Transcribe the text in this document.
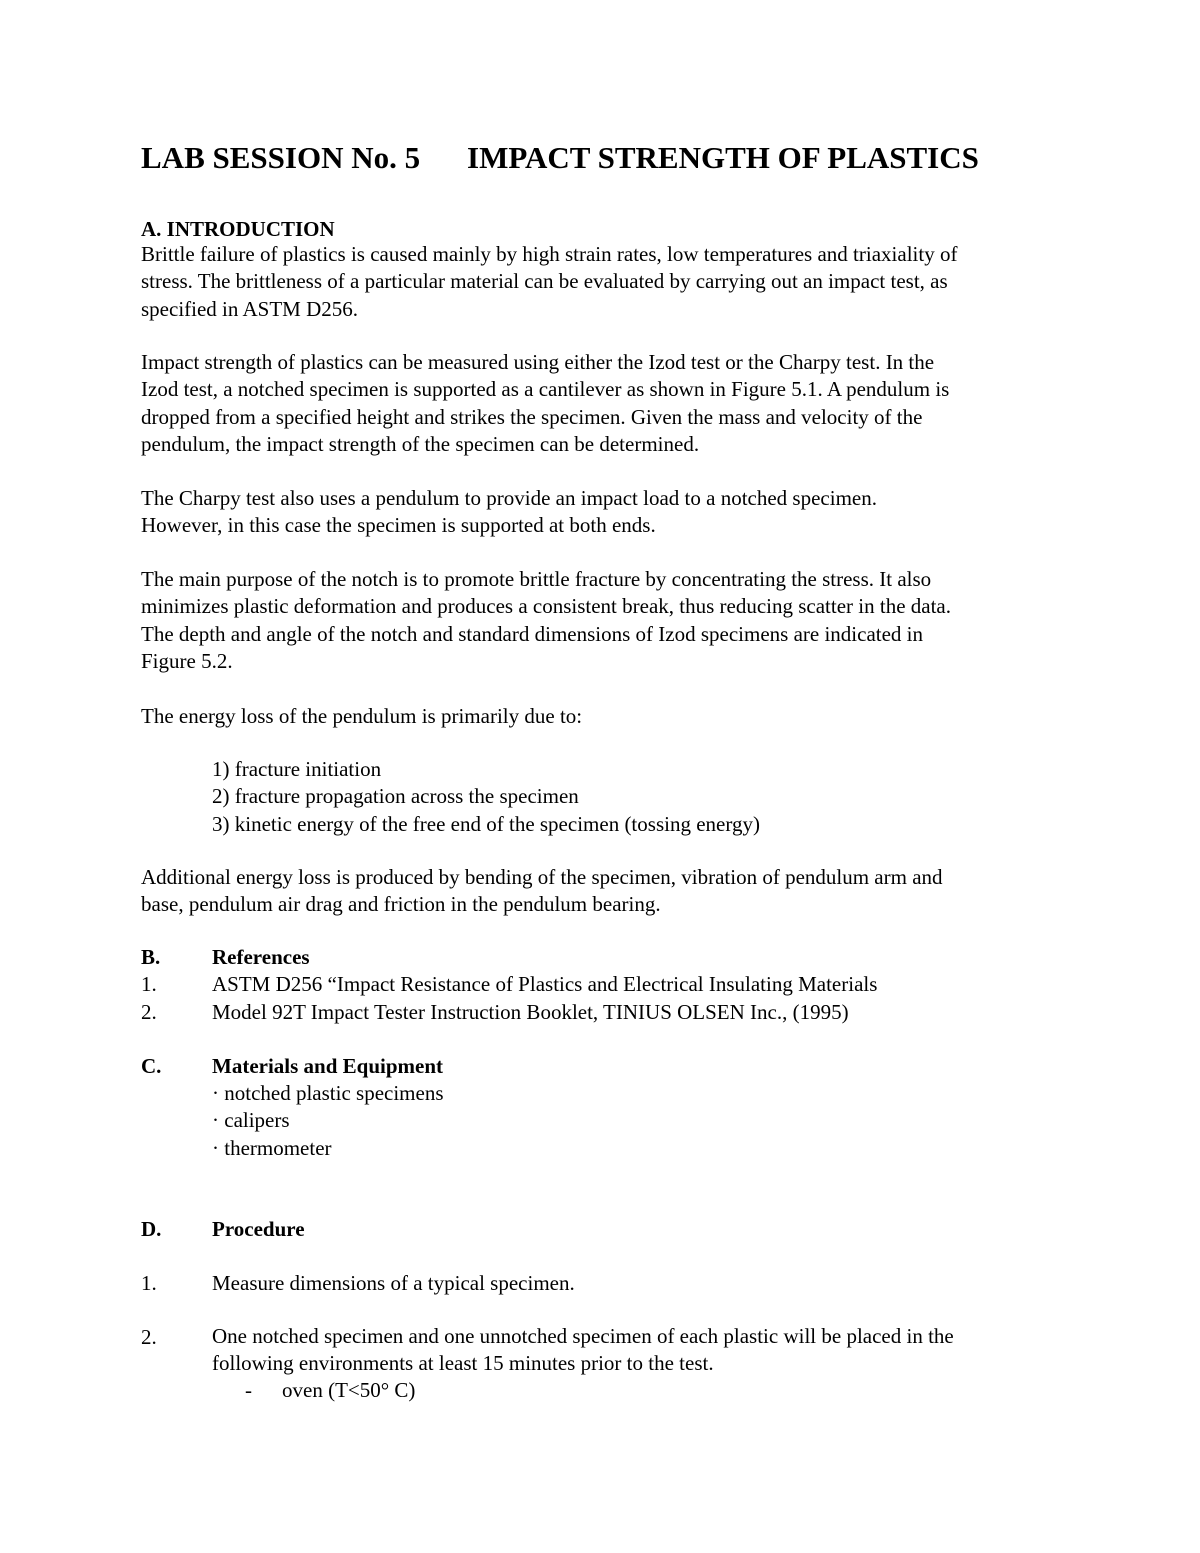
LAB SESSION No. 5 IMPACT STRENGTH OF PLASTICS
A. INTRODUCTION
Brittle failure of plastics is caused mainly by high strain rates, low temperatures and triaxiality of
stress. The brittleness of a particular material can be evaluated by carrying out an impact test, as
specified in ASTM D256.
Impact strength of plastics can be measured using either the Izod test or the Charpy test. In the
Izod test, a notched specimen is supported as a cantilever as shown in Figure 5.1. A pendulum is
dropped from a specified height and strikes the specimen. Given the mass and velocity of the
pendulum, the impact strength of the specimen can be determined.
The Charpy test also uses a pendulum to provide an impact load to a notched specimen.
However, in this case the specimen is supported at both ends.
The main purpose of the notch is to promote brittle fracture by concentrating the stress. It also
minimizes plastic deformation and produces a consistent break, thus reducing scatter in the data.
The depth and angle of the notch and standard dimensions of Izod specimens are indicated in
Figure 5.2.
The energy loss of the pendulum is primarily due to:
1) fracture initiation
2) fracture propagation across the specimen
3) kinetic energy of the free end of the specimen (tossing energy)
Additional energy loss is produced by bending of the specimen, vibration of pendulum arm and
base, pendulum air drag and friction in the pendulum bearing.
B. References
1.	ASTM D256 “Impact Resistance of Plastics and Electrical Insulating Materials
2.	Model 92T Impact Tester Instruction Booklet, TINIUS OLSEN Inc., (1995)
C. Materials and Equipment
· notched plastic specimens
· calipers
· thermometer
D. Procedure
1.	Measure dimensions of a typical specimen.
2.	One notched specimen and one unnotched specimen of each plastic will be placed in the
following environments at least 15 minutes prior to the test.
- oven (T<50° C)
